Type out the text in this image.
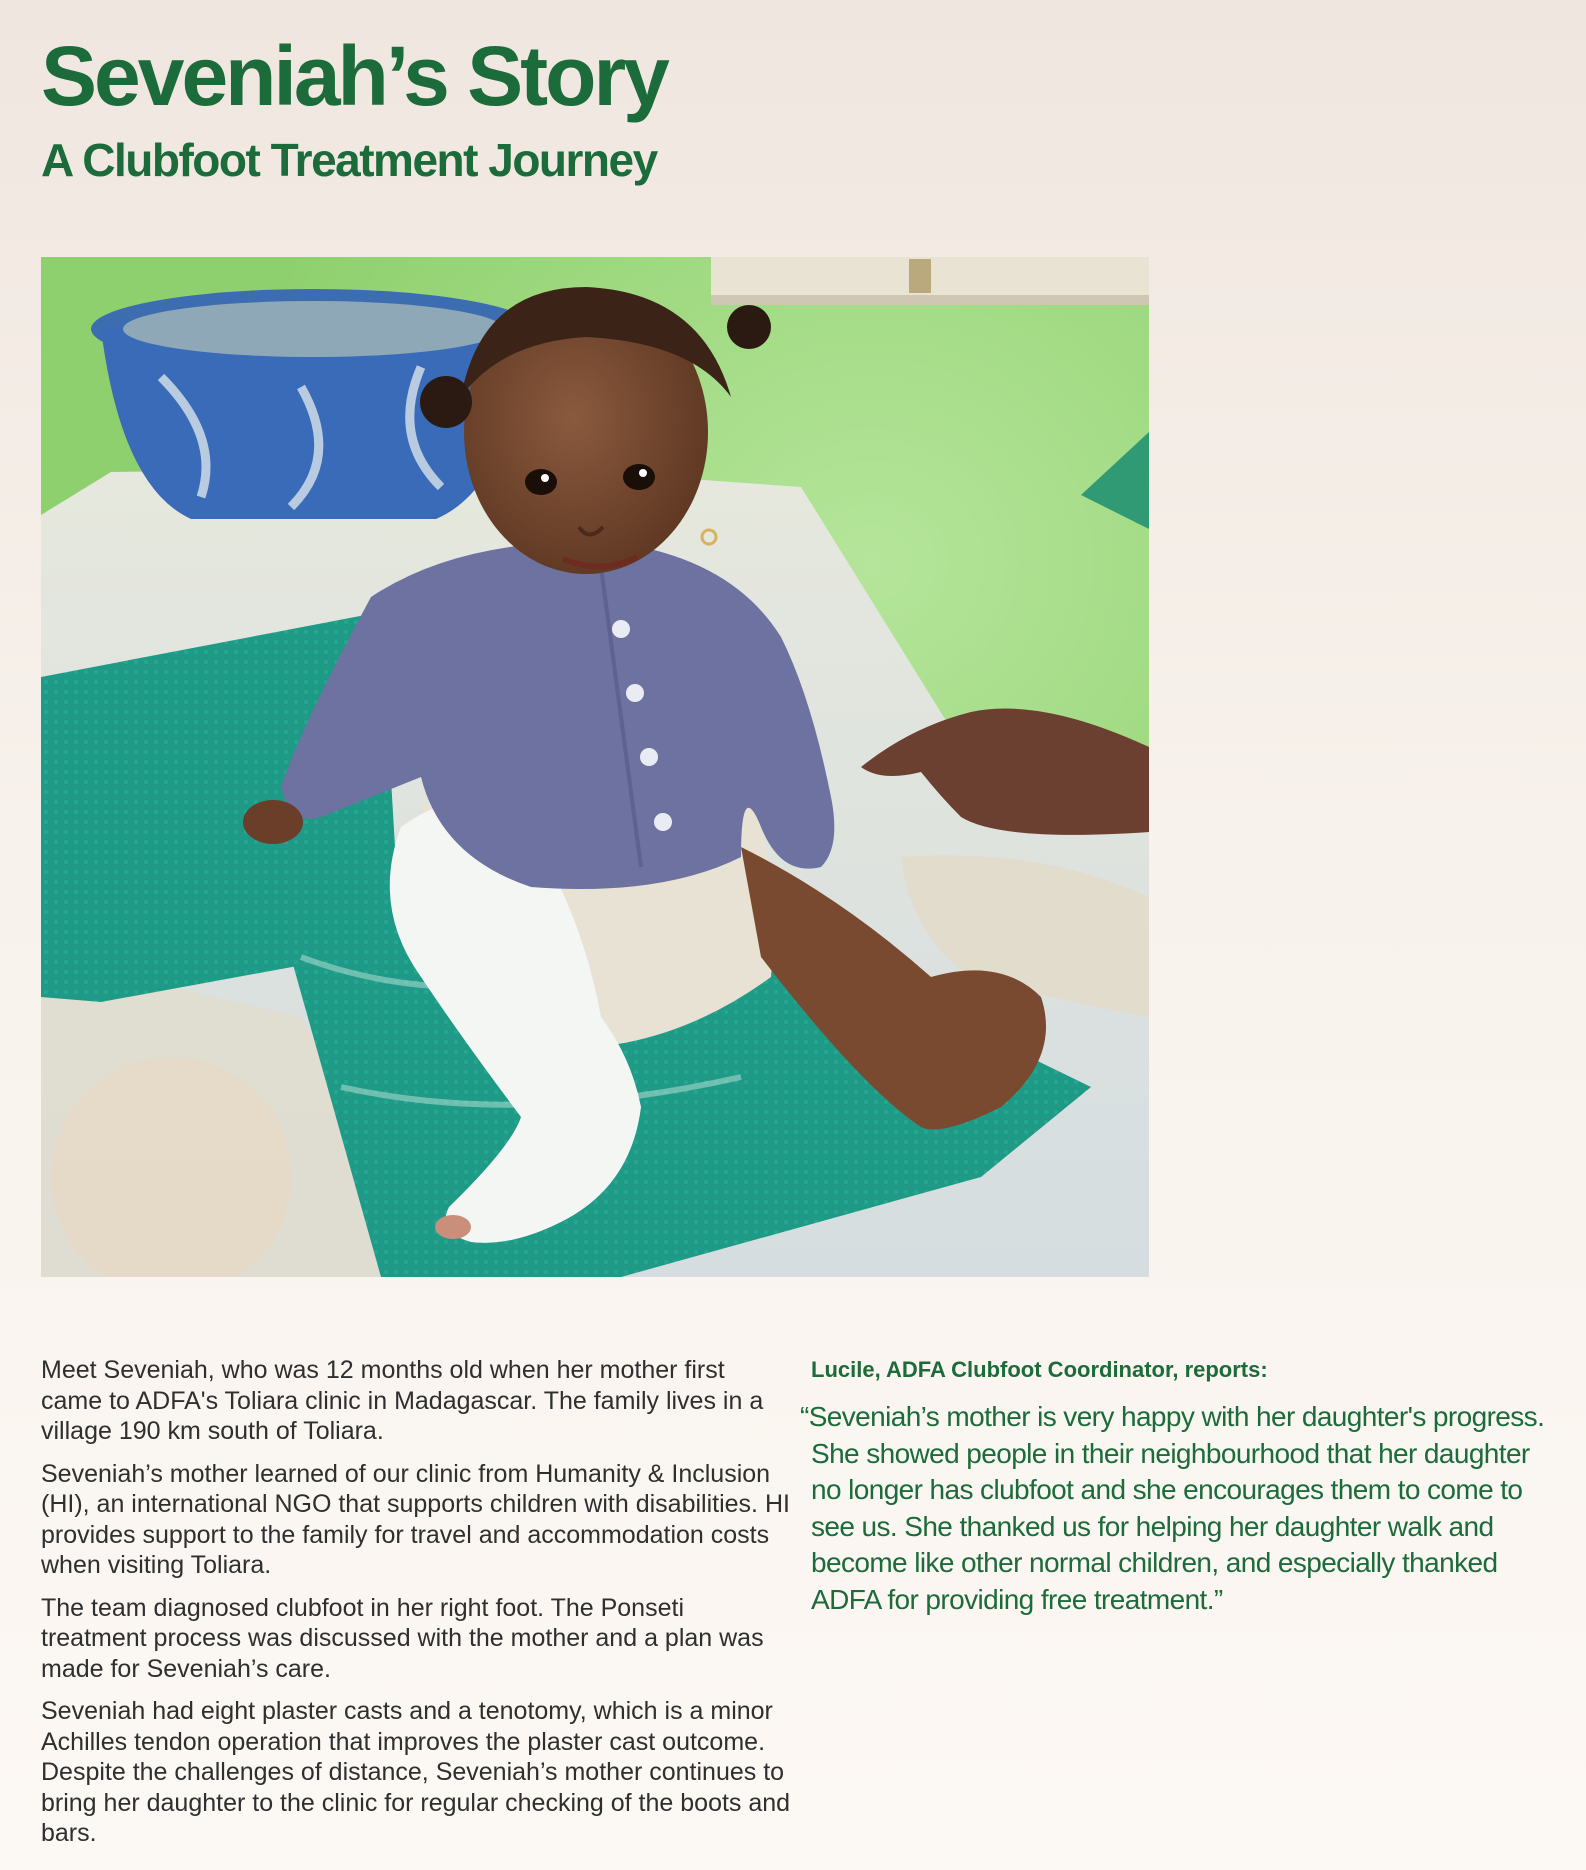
Seveniah’s Story
A Clubfoot Treatment Journey

Meet Seveniah, who was 12 months old when her mother first came to ADFA's Toliara clinic in Madagascar. The family lives in a village 190 km south of Toliara.

Seveniah’s mother learned of our clinic from Humanity & Inclusion (HI), an international NGO that supports children with disabilities. HI provides support to the family for travel and accommodation costs when visiting Toliara.

The team diagnosed clubfoot in her right foot. The Ponseti treatment process was discussed with the mother and a plan was made for Seveniah’s care.

Seveniah had eight plaster casts and a tenotomy, which is a minor Achilles tendon operation that improves the plaster cast outcome. Despite the challenges of distance, Seveniah’s mother continues to bring her daughter to the clinic for regular checking of the boots and bars.

Lucile, ADFA Clubfoot Coordinator, reports:

“Seveniah’s mother is very happy with her daughter's progress. She showed people in their neighbourhood that her daughter no longer has clubfoot and she encourages them to come to see us. She thanked us for helping her daughter walk and become like other normal children, and especially thanked ADFA for providing free treatment.”
